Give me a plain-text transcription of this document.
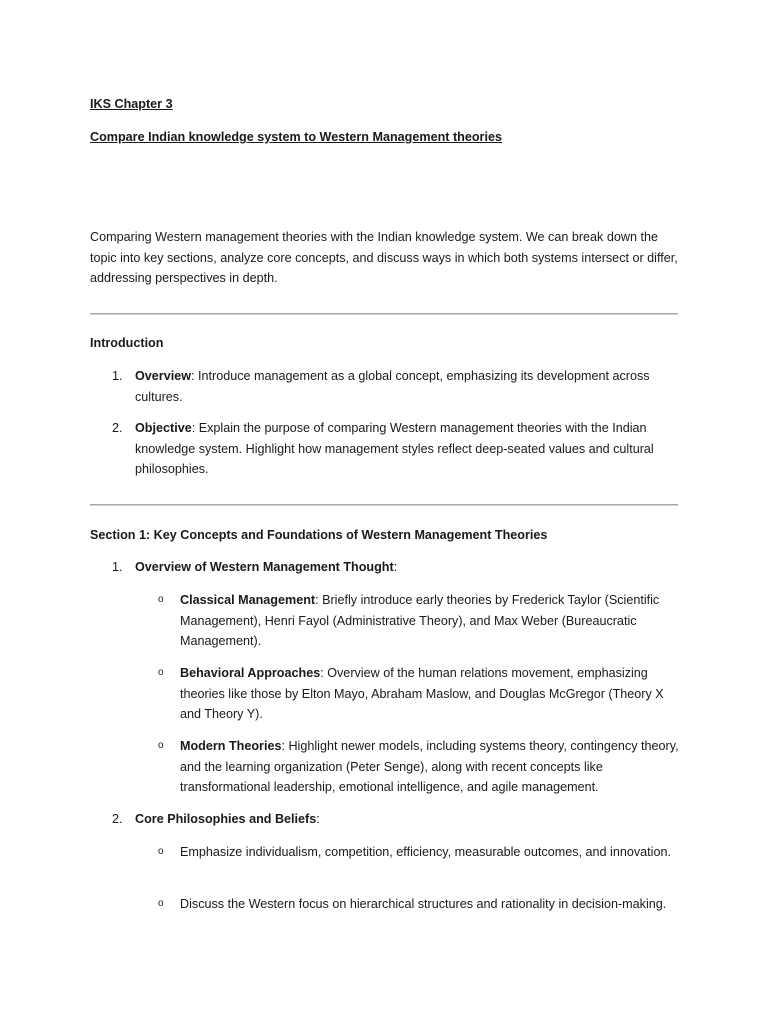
IKS Chapter 3
Compare Indian knowledge system to Western Management theories
Comparing Western management theories with the Indian knowledge system. We can break down the topic into key sections, analyze core concepts, and discuss ways in which both systems intersect or differ, addressing perspectives in depth.
Introduction
1. Overview: Introduce management as a global concept, emphasizing its development across cultures.
2. Objective: Explain the purpose of comparing Western management theories with the Indian knowledge system. Highlight how management styles reflect deep-seated values and cultural philosophies.
Section 1: Key Concepts and Foundations of Western Management Theories
1. Overview of Western Management Thought:
o Classical Management: Briefly introduce early theories by Frederick Taylor (Scientific Management), Henri Fayol (Administrative Theory), and Max Weber (Bureaucratic Management).
o Behavioral Approaches: Overview of the human relations movement, emphasizing theories like those by Elton Mayo, Abraham Maslow, and Douglas McGregor (Theory X and Theory Y).
o Modern Theories: Highlight newer models, including systems theory, contingency theory, and the learning organization (Peter Senge), along with recent concepts like transformational leadership, emotional intelligence, and agile management.
2. Core Philosophies and Beliefs:
o Emphasize individualism, competition, efficiency, measurable outcomes, and innovation.
o Discuss the Western focus on hierarchical structures and rationality in decision-making.
